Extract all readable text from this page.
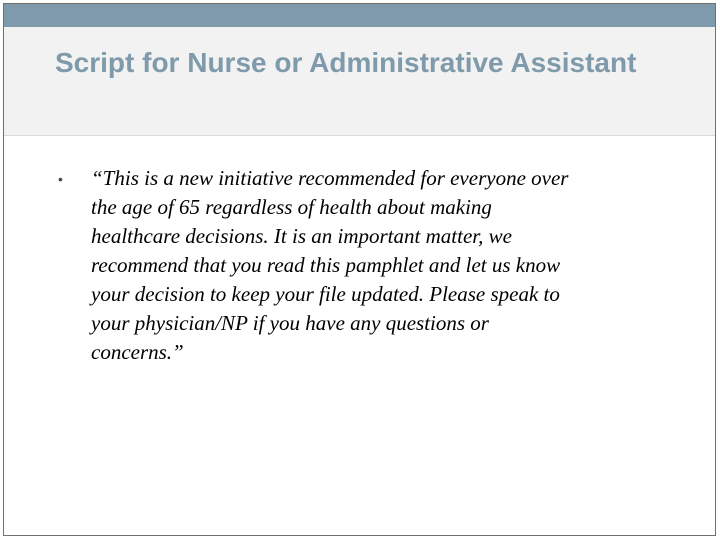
Script for Nurse or Administrative Assistant
• “This is a new initiative recommended for everyone over
the age of 65 regardless of health about making
healthcare decisions. It is an important matter, we
recommend that you read this pamphlet and let us know
your decision to keep your file updated. Please speak to
your physician/NP if you have any questions or
concerns.”
